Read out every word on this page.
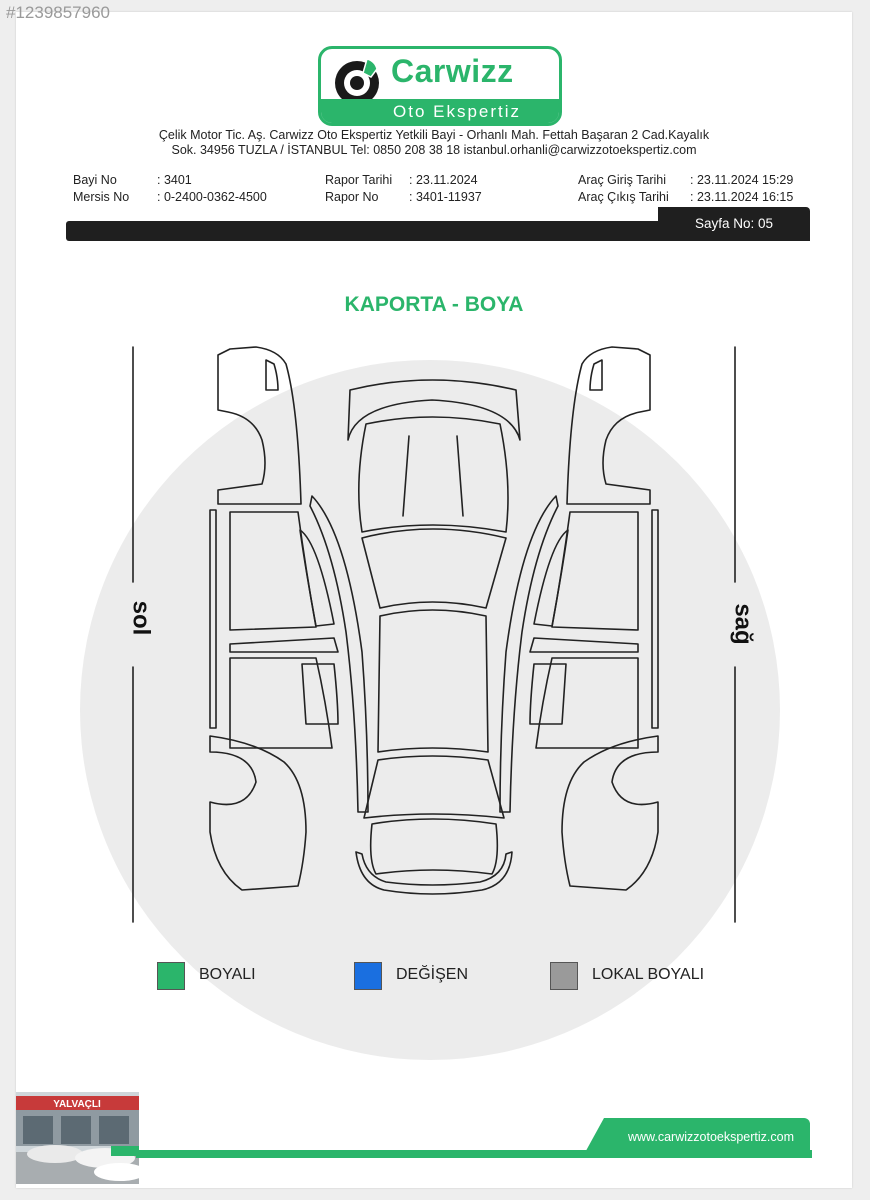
#1239857960
Carwizz
Oto Ekspertiz
Çelik Motor Tic. Aş. Carwizz Oto Ekspertiz Yetkili Bayi - Orhanlı Mah. Fettah Başaran 2 Cad.Kayalık
Sok. 34956 TUZLA / İSTANBUL Tel: 0850 208 38 18 istanbul.orhanli@carwizzotoekspertiz.com
Bayi No	: 3401
Mersis No : 0-2400-0362-4500
Rapor Tarihi : 23.11.2024
Rapor No : 3401-11937
Araç Giriş Tarihi : 23.11.2024 15:29
Araç Çıkış Tarihi : 23.11.2024 16:15
Sayfa No: 05
KAPORTA - BOYA
sol	sağ
BOYALI	DEĞİŞEN	LOKAL BOYALI
YALVAÇLI
www.carwizzotoekspertiz.com
